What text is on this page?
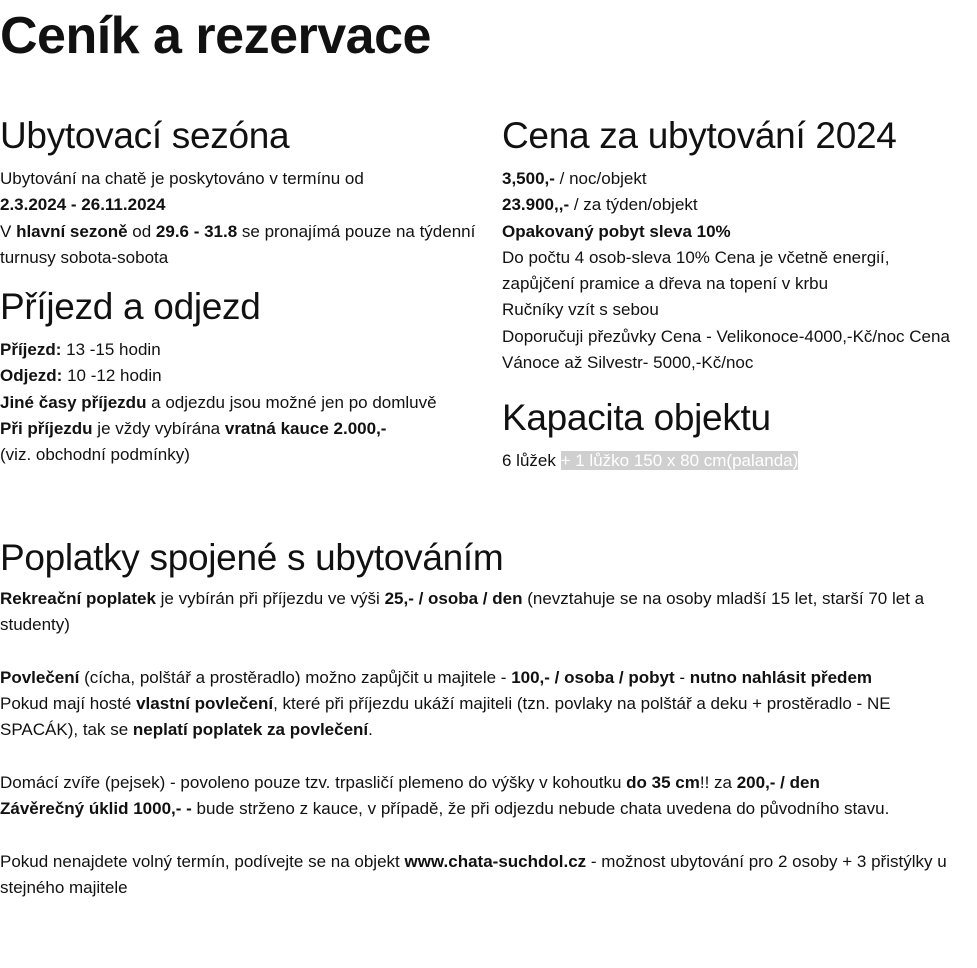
Ceník a rezervace
Ubytovací sezóna

Ubytování na chatě je poskytováno v termínu od
2.3.2024 - 26.11.2024
V hlavní sezoně od 29.6 - 31.8 se pronajímá pouze na týdenní turnusy sobota-sobota

Příjezd a odjezd

Příjezd: 13 -15 hodin
Odjezd: 10 -12 hodin
Jiné časy příjezdu a odjezdu jsou možné jen po domluvě
Při příjezdu je vždy vybírána vratná kauce 2.000,-
(viz. obchodní podmínky)

Cena za ubytování 2024

3,500,- / noc/objekt
23.900,,- / za týden/objekt
Opakovaný pobyt sleva 10%
Do počtu 4 osob-sleva 10% Cena je včetně energií, zapůjčení pramice a dřeva na topení v krbu
Ručníky vzít s sebou
Doporučuji přezůvky Cena - Velikonoce-4000,-Kč/noc Cena Vánoce až Silvestr- 5000,-Kč/noc

Kapacita objektu

6 lůžek + 1 lůžko 150 x 80 cm(palanda)

Poplatky spojené s ubytováním

Rekreační poplatek je vybírán při příjezdu ve výši 25,- / osoba / den (nevztahuje se na osoby mladší 15 let, starší 70 let a studenty)

Povlečení (cícha, polštář a prostěradlo) možno zapůjčit u majitele - 100,- / osoba / pobyt - nutno nahlásit předem

Pokud mají hosté vlastní povlečení, které při příjezdu ukáží majiteli (tzn. povlaky na polštář a deku + prostěradlo - NE SPACÁK), tak se neplatí poplatek za povlečení.

Domácí zvíře (pejsek) - povoleno pouze tzv. trpasličí plemeno do výšky v kohoutku do 35 cm!! za 200,- / den

Závěrečný úklid 1000,- - bude strženo z kauce, v případě, že při odjezdu nebude chata uvedena do původního stavu.

Pokud nenajdete volný termín, podívejte se na objekt www.chata-suchdol.cz - možnost ubytování pro 2 osoby + 3 přistýlky u stejného majitele
